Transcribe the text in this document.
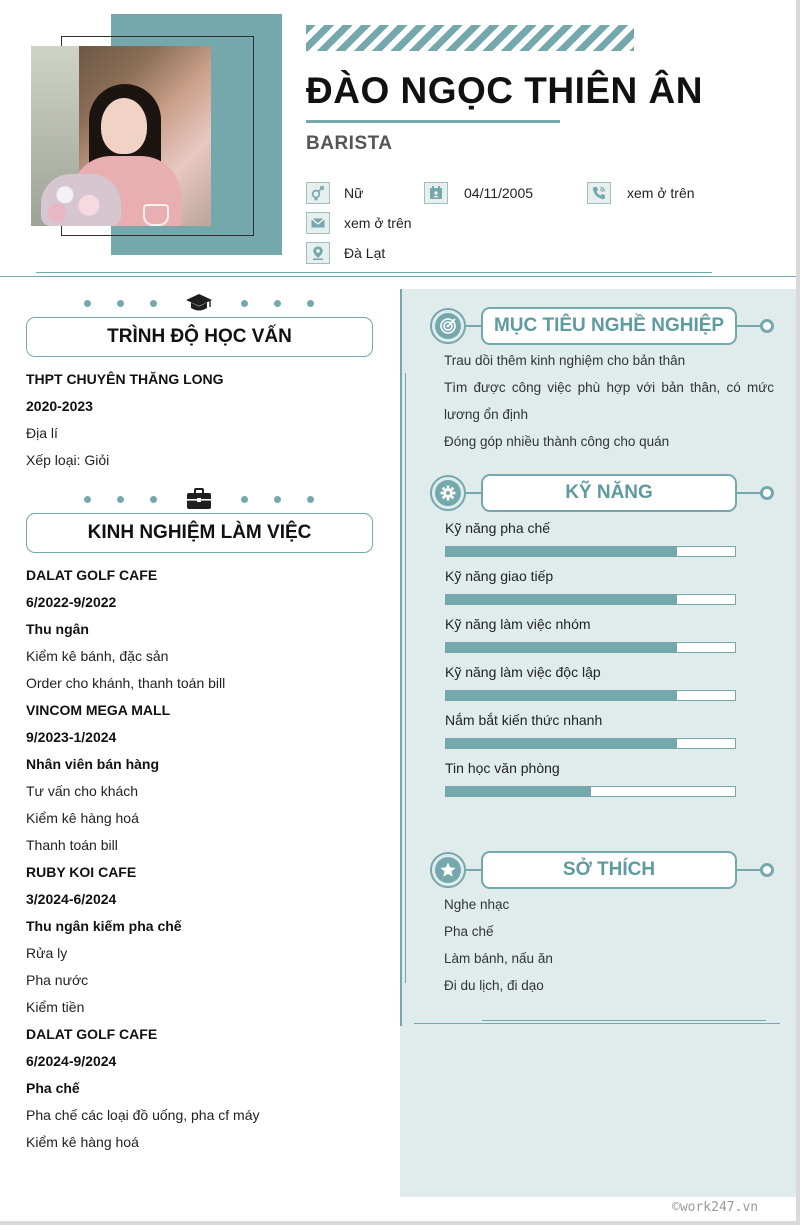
ĐÀO NGỌC THIÊN ÂN
BARISTA
Nữ	04/11/2005	xem ở trên
xem ở trên
Đà Lạt
TRÌNH ĐỘ HỌC VẤN
THPT CHUYÊN THĂNG LONG
2020-2023
Địa lí
Xếp loại: Giỏi
KINH NGHIỆM LÀM VIỆC
DALAT GOLF CAFE
6/2022-9/2022
Thu ngân
Kiểm kê bánh, đặc sản
Order cho khánh, thanh toán bill
VINCOM MEGA MALL
9/2023-1/2024
Nhân viên bán hàng
Tư vấn cho khách
Kiểm kê hàng hoá
Thanh toán bill
RUBY KOI CAFE
3/2024-6/2024
Thu ngân kiếm pha chế
Rửa ly
Pha nước
Kiểm tiền
DALAT GOLF CAFE
6/2024-9/2024
Pha chế
Pha chế các loại đồ uống, pha cf máy
Kiểm kê hàng hoá
MỤC TIÊU NGHỀ NGHIỆP
Trau dồi thêm kinh nghiệm cho bản thân
Tìm được công việc phù hợp với bản thân, có mức
lương ổn định
Đóng góp nhiều thành công cho quán
KỸ NĂNG
Kỹ năng pha chế
Kỹ năng giao tiếp
Kỹ năng làm việc nhóm
Kỹ năng làm việc độc lập
Nắm bắt kiến thức nhanh
Tin học văn phòng
SỞ THÍCH
Nghe nhạc
Pha chế
Làm bánh, nấu ăn
Đi du lịch, đi dạo
©work247.vn
